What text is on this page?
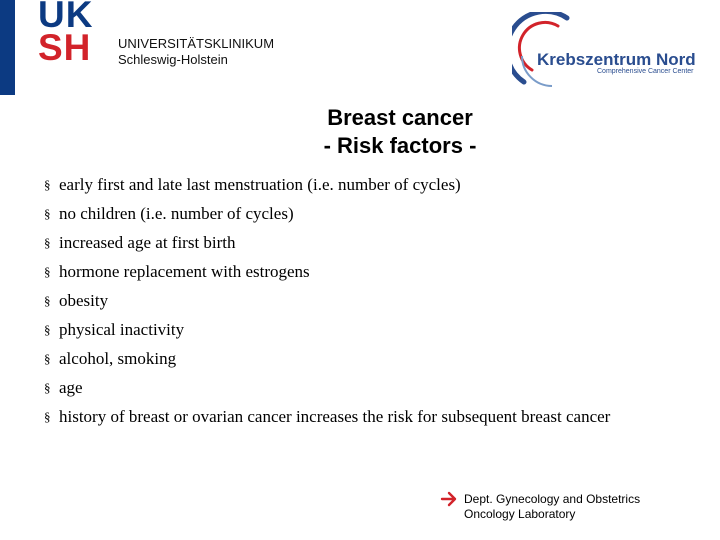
UK
SH	UNIVERSITÄTSKLINIKUM
Schleswig-Holstein	Krebszentrum Nord
Comprehensive Cancer Center
Breast cancer
- Risk factors -
§ early first and late last menstruation (i.e. number of cycles)
§ no children (i.e. number of cycles)
§ increased age at first birth
§ hormone replacement with estrogens
§ obesity
§ physical inactivity
§ alcohol, smoking
§ age
§ history of breast or ovarian cancer increases the risk for subsequent breast cancer
Dept. Gynecology and Obstetrics
Oncology Laboratory
